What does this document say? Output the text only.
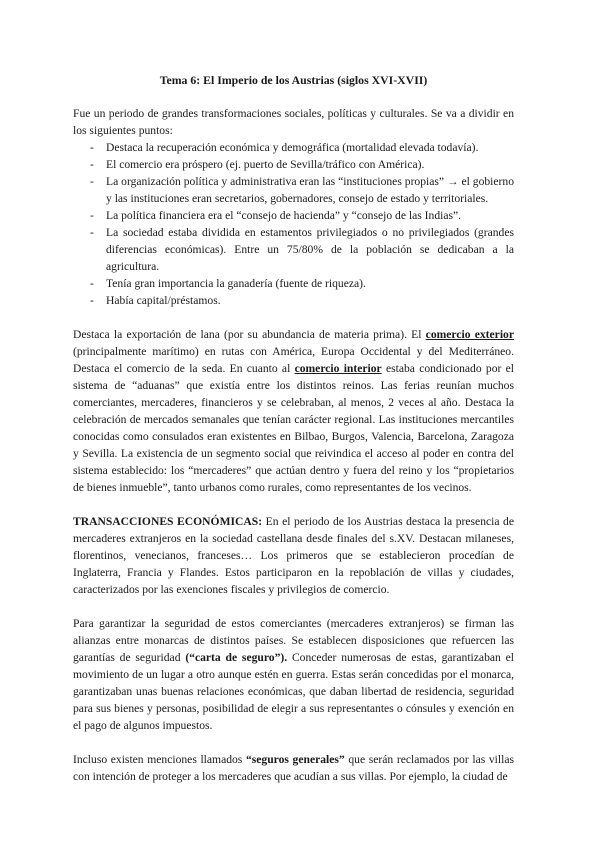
Tema 6: El Imperio de los Austrias (siglos XVI-XVII)

Fue un periodo de grandes transformaciones sociales, políticas y culturales. Se va a dividir en los siguientes puntos:

- Destaca la recuperación económica y demográfica (mortalidad elevada todavía).
- El comercio era próspero (ej. puerto de Sevilla/tráfico con América).
- La organización política y administrativa eran las “instituciones propias” → el gobierno y las instituciones eran secretarios, gobernadores, consejo de estado y territoriales.
- La política financiera era el “consejo de hacienda” y “consejo de las Indias”.
- La sociedad estaba dividida en estamentos privilegiados o no privilegiados (grandes diferencias económicas). Entre un 75/80% de la población se dedicaban a la agricultura.
- Tenía gran importancia la ganadería (fuente de riqueza).
- Había capital/préstamos.

Destaca la exportación de lana (por su abundancia de materia prima). El comercio exterior (principalmente marítimo) en rutas con América, Europa Occidental y del Mediterráneo. Destaca el comercio de la seda. En cuanto al comercio interior estaba condicionado por el sistema de “aduanas” que existía entre los distintos reinos. Las ferias reunían muchos comerciantes, mercaderes, financieros y se celebraban, al menos, 2 veces al año. Destaca la celebración de mercados semanales que tenían carácter regional. Las instituciones mercantiles conocidas como consulados eran existentes en Bilbao, Burgos, Valencia, Barcelona, Zaragoza y Sevilla. La existencia de un segmento social que reivindica el acceso al poder en contra del sistema establecido: los “mercaderes” que actúan dentro y fuera del reino y los “propietarios de bienes inmueble”, tanto urbanos como rurales, como representantes de los vecinos.

TRANSACCIONES ECONÓMICAS: En el periodo de los Austrias destaca la presencia de mercaderes extranjeros en la sociedad castellana desde finales del s.XV. Destacan milaneses, florentinos, venecianos, franceses… Los primeros que se establecieron procedían de Inglaterra, Francia y Flandes. Estos participaron en la repoblación de villas y ciudades, caracterizados por las exenciones fiscales y privilegios de comercio.

Para garantizar la seguridad de estos comerciantes (mercaderes extranjeros) se firman las alianzas entre monarcas de distintos países. Se establecen disposiciones que refuercen las garantías de seguridad (“carta de seguro”). Conceder numerosas de estas, garantizaban el movimiento de un lugar a otro aunque estén en guerra. Estas serán concedidas por el monarca, garantizaban unas buenas relaciones económicas, que daban libertad de residencia, seguridad para sus bienes y personas, posibilidad de elegir a sus representantes o cónsules y exención en el pago de algunos impuestos.

Incluso existen menciones llamados “seguros generales” que serán reclamados por las villas con intención de proteger a los mercaderes que acudían a sus villas. Por ejemplo, la ciudad de
